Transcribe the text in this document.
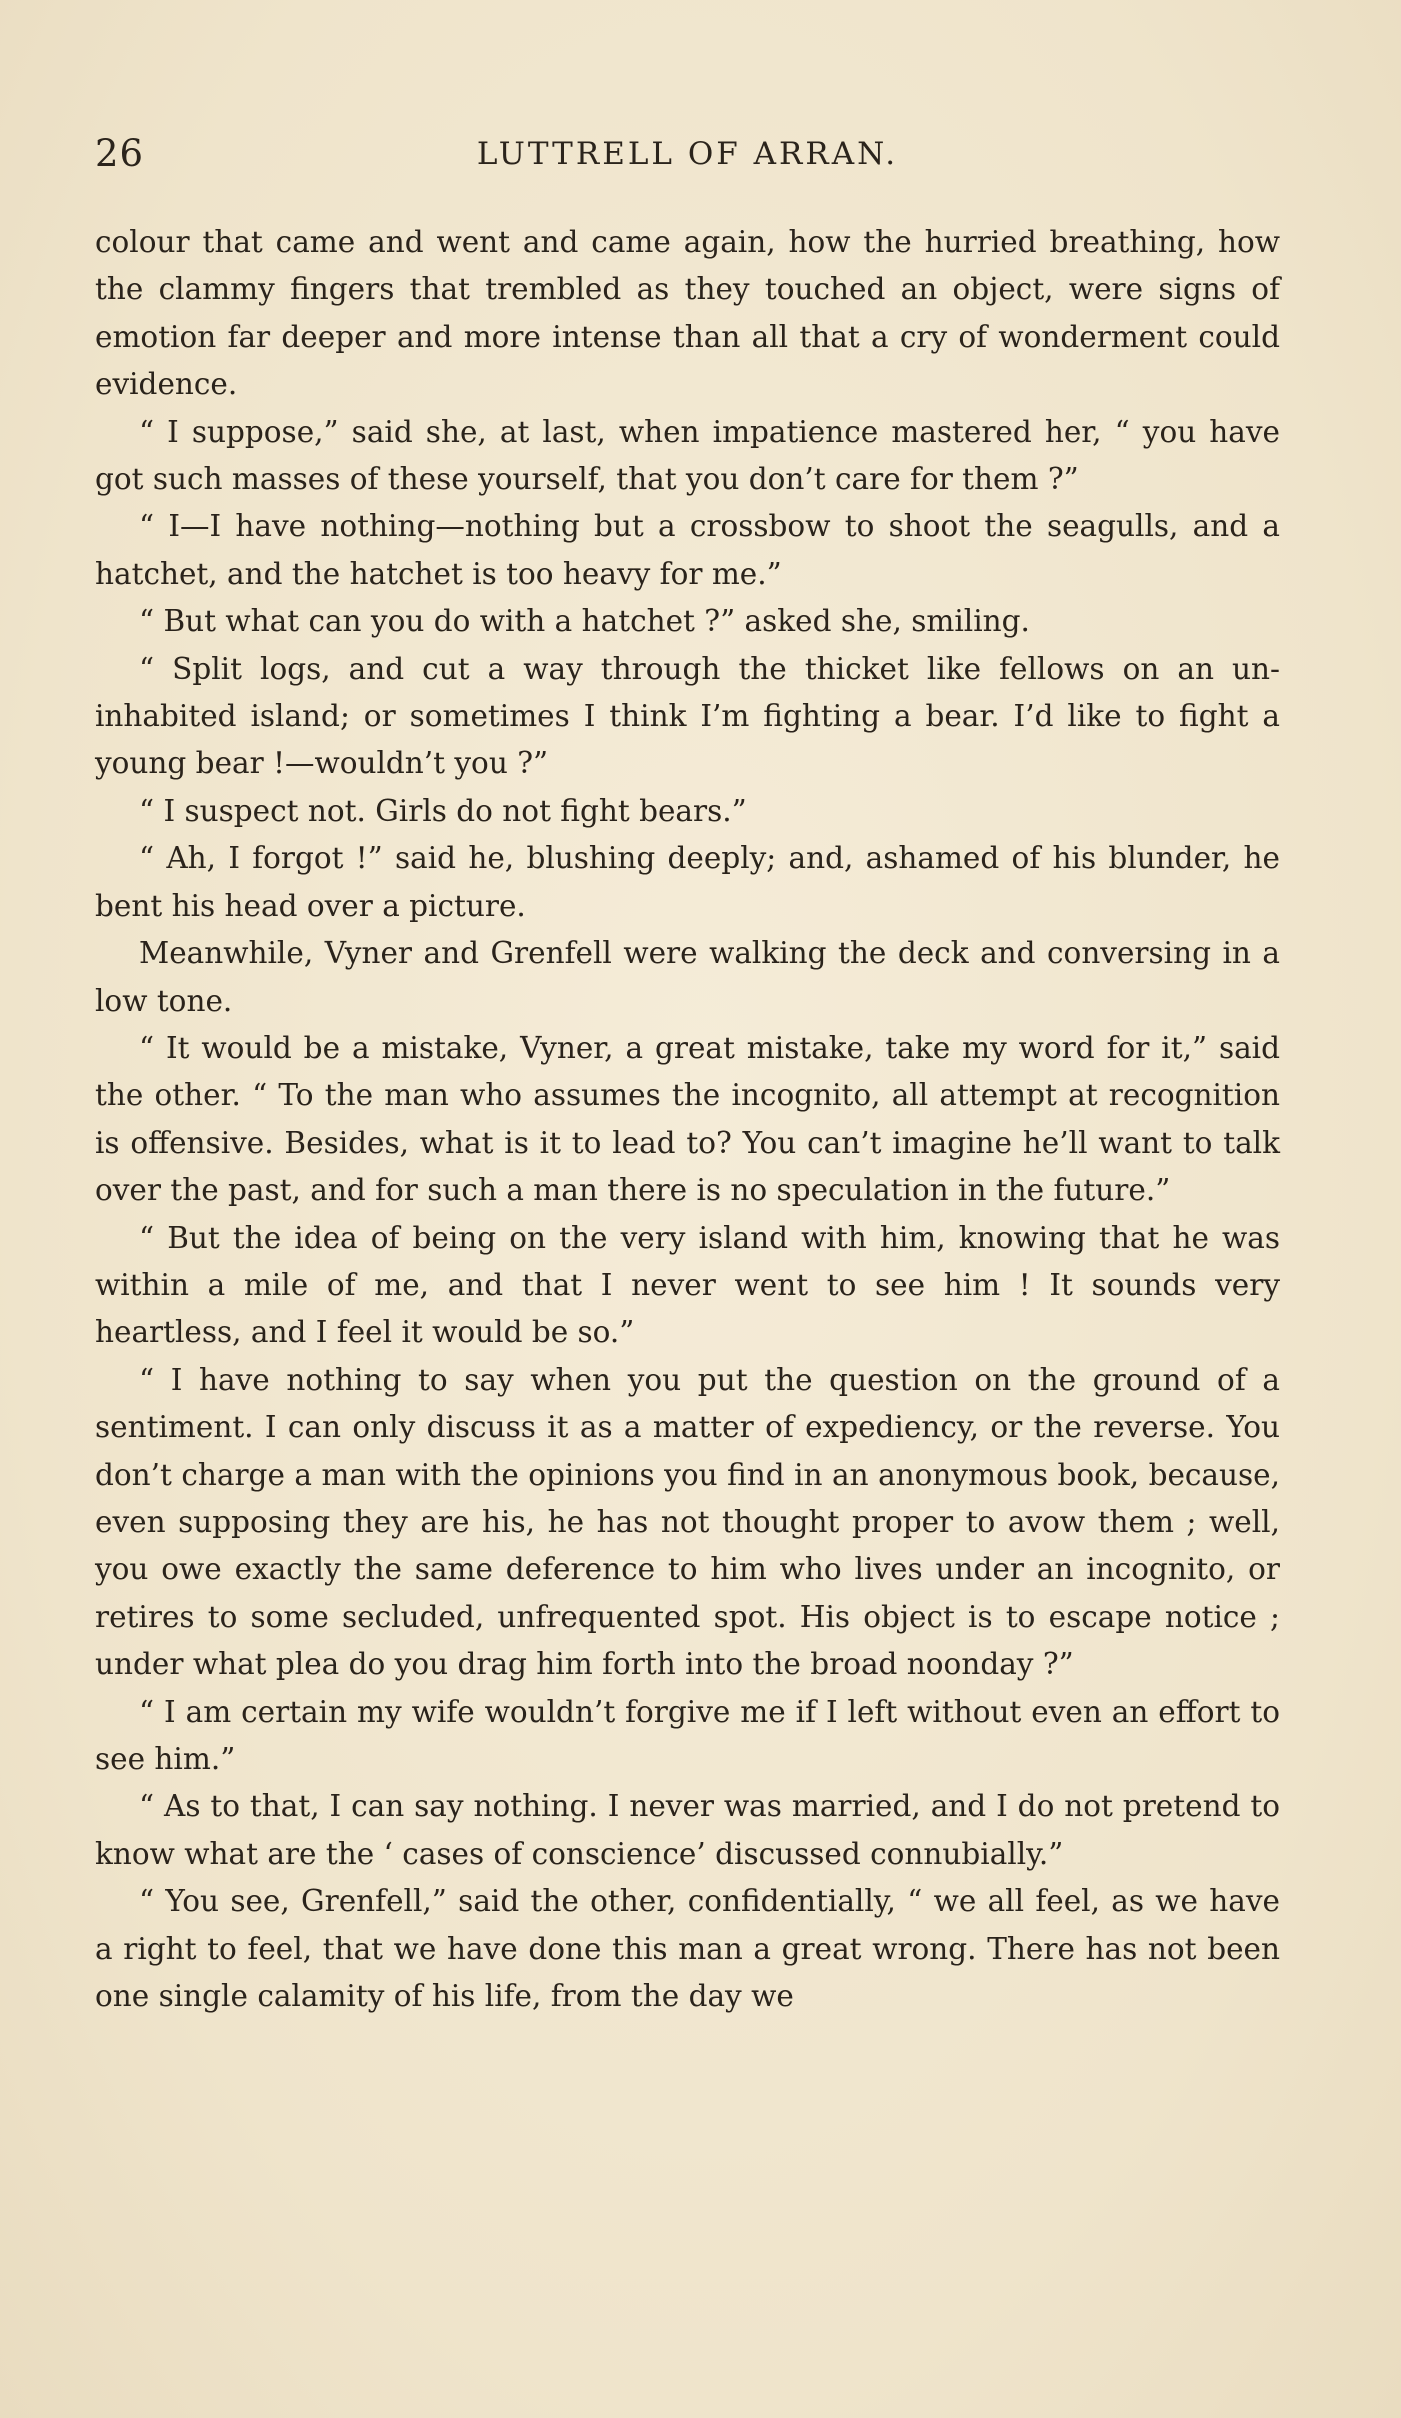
26	LUTTRELL OF ARRAN.

colour that came and went and came again, how the hurried breathing, how the clammy fingers that trembled as they touched an object, were signs of emotion far deeper and more intense than all that a cry of wonderment could evidence.

“ I suppose,” said she, at last, when impatience mastered her, “ you have got such masses of these yourself, that you don’t care for them ?”

“ I—I have nothing—nothing but a crossbow to shoot the seagulls, and a hatchet, and the hatchet is too heavy for me.”

“ But what can you do with a hatchet ?” asked she, smiling.

“ Split logs, and cut a way through the thicket like fellows on an uninhabited island; or sometimes I think I’m fighting a bear. I’d like to fight a young bear !—wouldn’t you ?”

“ I suspect not. Girls do not fight bears.”

“ Ah, I forgot !” said he, blushing deeply; and, ashamed of his blunder, he bent his head over a picture.

Meanwhile, Vyner and Grenfell were walking the deck and conversing in a low tone.

“ It would be a mistake, Vyner, a great mistake, take my word for it,” said the other. “ To the man who assumes the incognito, all attempt at recognition is offensive. Besides, what is it to lead to? You can’t imagine he’ll want to talk over the past, and for such a man there is no speculation in the future.”

“ But the idea of being on the very island with him, knowing that he was within a mile of me, and that I never went to see him ! It sounds very heartless, and I feel it would be so.”

“ I have nothing to say when you put the question on the ground of a sentiment. I can only discuss it as a matter of expediency, or the reverse. You don’t charge a man with the opinions you find in an anonymous book, because, even supposing they are his, he has not thought proper to avow them ; well, you owe exactly the same deference to him who lives under an incognito, or retires to some secluded, unfrequented spot. His object is to escape notice ; under what plea do you drag him forth into the broad noonday ?”

“ I am certain my wife wouldn’t forgive me if I left without even an effort to see him.”

“ As to that, I can say nothing. I never was married, and I do not pretend to know what are the ‘ cases of conscience’ discussed connubially.”

“ You see, Grenfell,” said the other, confidentially, “ we all feel, as we have a right to feel, that we have done this man a great wrong. There has not been one single calamity of his life, from the day we
